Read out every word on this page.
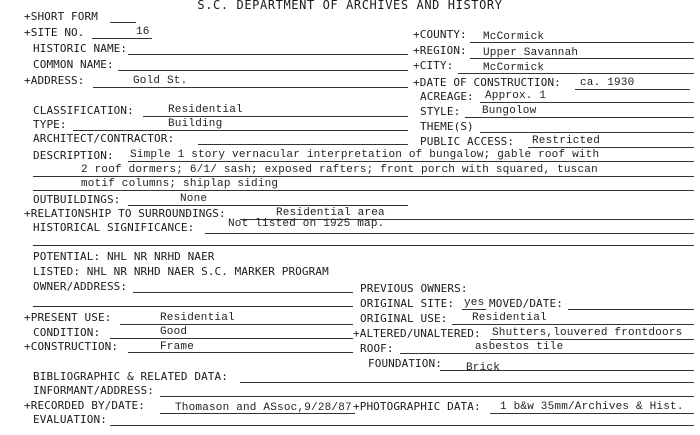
S.C. DEPARTMENT OF ARCHIVES AND HISTORY
+SHORT FORM
+SITE NO.	16	+COUNTY: McCormick
HISTORIC NAME:	+REGION: Upper Savannah
COMMON NAME:	+CITY:	McCormick
+ADDRESS:	Gold St.	+DATE OF CONSTRUCTION: ca. 1930
ACREAGE: Approx. 1
CLASSIFICATION:	Residential	STYLE: Bungolow
TYPE:	Building	THEME(S)
ARCHITECT/CONTRACTOR:	PUBLIC ACCESS: Restricted
DESCRIPTION: Simple 1 story vernacular interpretation of bungalow; gable roof with
2 roof dormers; 6/1/ sash; exposed rafters; front porch with squared, tuscan
motif columns; shiplap siding
OUTBUILDINGS:	None
+RELATIONSHIP TO SURROUNDINGS:	Residential area
HISTORICAL SIGNIFICANCE:	Not listed on 1925 map.
POTENTIAL: NHL NR NRHD NAER
LISTED: NHL NR NRHD NAER S.C. MARKER PROGRAM
OWNER/ADDRESS:	PREVIOUS OWNERS:
ORIGINAL SITE: yes MOVED/DATE:
+PRESENT USE:	Residential	ORIGINAL USE: Residential
CONDITION:	Good	+ALTERED/UNALTERED: Shutters,louvered frontdoors
+CONSTRUCTION:	Frame	ROOF:	asbestos tile
FOUNDATION: Brick
BIBLIOGRAPHIC & RELATED DATA:
INFORMANT/ADDRESS:
+RECORDED BY/DATE:	Thomason and ASsoc,9/28/87 +PHOTOGRAPHIC DATA: 1 b&w 35mm/Archives & Hist.
EVALUATION:
